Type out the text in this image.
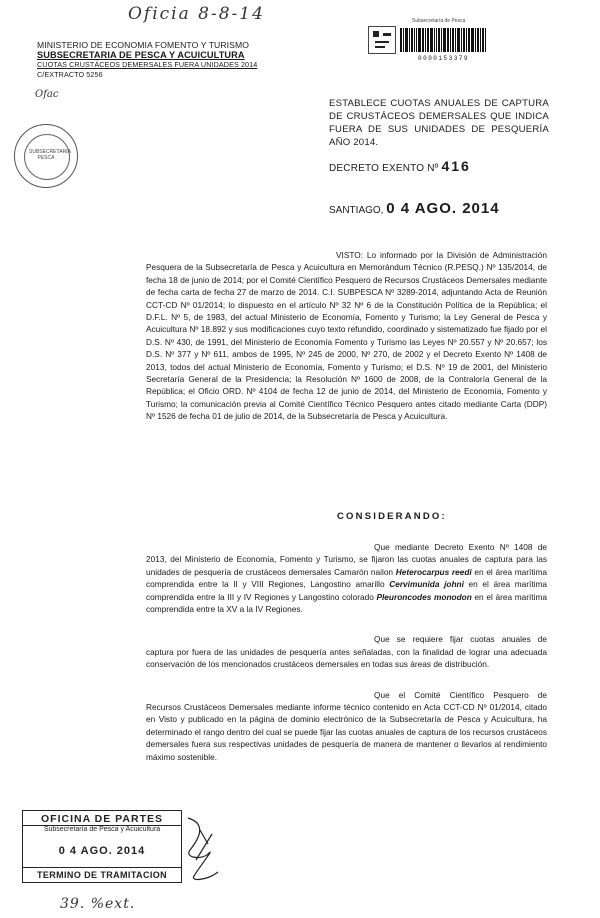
Oficia 8-8-14
MINISTERIO DE ECONOMIA FOMENTO Y TURISMO
SUBSECRETARIA DE PESCA Y ACUICULTURA
CUOTAS CRUSTÁCEOS DEMERSALES FUERA UNIDADES 2014
C/EXTRACTO 5256
Ofac
SUBSECRETARIA PESCA
Subsecretaría de Pesca
0000153379
ESTABLECE CUOTAS ANUALES DE CAPTURA DE CRUSTÁCEOS DEMERSALES QUE INDICA FUERA DE SUS UNIDADES DE PESQUERÍA AÑO 2014.
DECRETO EXENTO Nº 416
SANTIAGO, 0 4 AGO. 2014

VISTO: Lo informado por la División de Administración Pesquera de la Subsecretaría de Pesca y Acuicultura en Memorándum Técnico (R.PESQ.) Nº 135/2014, de fecha 18 de junio de 2014; por el Comité Científico Pesquero de Recursos Crustáceos Demersales mediante de fecha carta de fecha 27 de marzo de 2014. C.I. SUBPESCA Nº 3289-2014, adjuntando Acta de Reunión CCT-CD Nº 01/2014; lo dispuesto en el artículo Nº 32 Nº 6 de la Constitución Política de la República; el D.F.L. Nº 5, de 1983, del actual Ministerio de Economía, Fomento y Turismo; la Ley General de Pesca y Acuicultura Nº 18.892 y sus modificaciones cuyo texto refundido, coordinado y sistematizado fue fijado por el D.S. Nº 430, de 1991, del Ministerio de Economía Fomento y Turismo las Leyes Nº 20.557 y Nº 20.657; los D.S. Nº 377 y Nº 611, ambos de 1995, Nº 245 de 2000, Nº 270, de 2002 y el Decreto Exento Nº 1408 de 2013, todos del actual Ministerio de Economía, Fomento y Turismo; el D.S. Nº 19 de 2001, del Ministerio Secretaría General de la Presidencia; la Resolución Nº 1600 de 2008, de la Contraloría General de la República; el Oficio ORD. Nº 4104 de fecha 12 de junio de 2014, del Ministerio de Economía, Fomento y Turismo; la comunicación previa al Comité Científico Técnico Pesquero antes citado mediante Carta (DDP) Nº 1526 de fecha 01 de julio de 2014, de la Subsecretaría de Pesca y Acuicultura.

CONSIDERANDO:

Que mediante Decreto Exento Nº 1408 de 2013, del Ministerio de Economía, Fomento y Turismo, se fijaron las cuotas anuales de captura para las unidades de pesquería de crustáceos demersales Camarón nailon Heterocarpus reedi en el área marítima comprendida entre la II y VIII Regiones, Langostino amarillo Cervimunida johni en el área marítima comprendida entre la III y IV Regiones y Langostino colorado Pleuroncodes monodon en el área marítima comprendida entre la XV a la IV Regiones.

Que se requiere fijar cuotas anuales de captura por fuera de las unidades de pesquería antes señaladas, con la finalidad de lograr una adecuada conservación de los mencionados crustáceos demersales en todas sus áreas de distribución.

Que el Comité Científico Pesquero de Recursos Crustáceos Demersales mediante informe técnico contenido en Acta CCT-CD Nº 01/2014, citado en Visto y publicado en la página de dominio electrónico de la Subsecretaría de Pesca y Acuicultura, ha determinado el rango dentro del cual se puede fijar las cuotas anuales de captura de los recursos crustáceos demersales fuera sus respectivas unidades de pesquería de manera de mantener o llevarlos al rendimiento máximo sostenible.

OFICINA DE PARTES
Subsecretaría de Pesca y Acuicultura
0 4 AGO. 2014
TERMINO DE TRAMITACION
39. %ext.
